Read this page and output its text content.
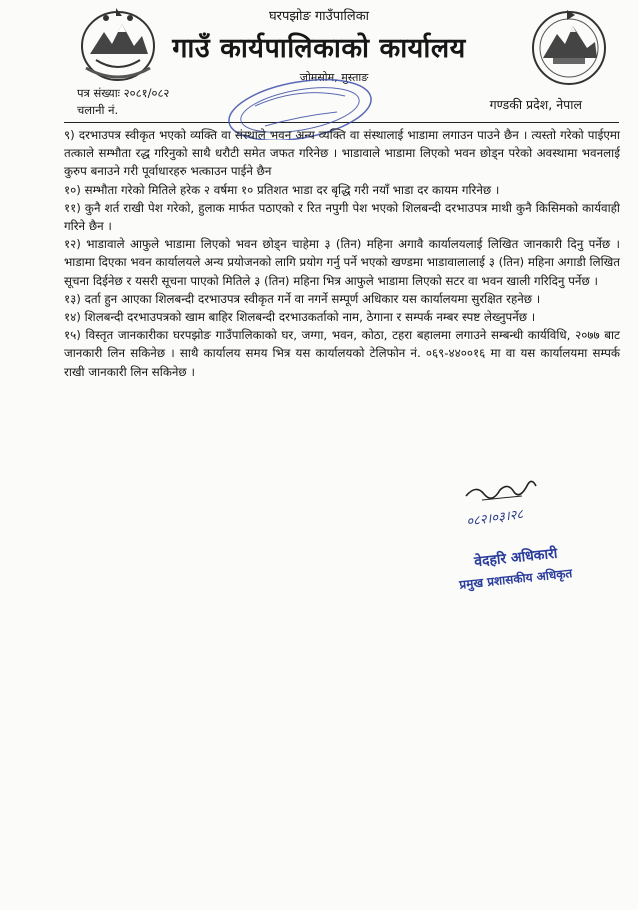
घरपझोङ गाउँपालिका
गाउँ कार्यपालिकाको कार्यालय
जोमसोम, मुस्ताङ
पत्र संख्याः २०८१/०८२
चलानी नं.	गण्डकी प्रदेश, नेपाल

९) दरभाउपत्र स्वीकृत भएको व्यक्ति वा संस्थाले भवन अन्य व्यक्ति वा संस्थालाई भाडामा लगाउन पाउने छैन । त्यस्तो गरेको पाईएमा तत्काले सम्भौता रद्ध गरिनुको साथै धरौटी समेत जफत गरिनेछ । भाडावाले भाडामा लिएको भवन छोड्न परेको अवस्थामा भवनलाई कुरुप बनाउने गरी पूर्वाधारहरु भत्काउन पाईने छैन

१०) सम्भौता गरेको मितिले हरेक २ वर्षमा १० प्रतिशत भाडा दर बृद्धि गरी नयाँ भाडा दर कायम गरिनेछ ।

११) कुनै शर्त राखी पेश गरेको, हुलाक मार्फत पठाएको र रित नपुगी पेश भएको शिलबन्दी दरभाउपत्र माथी कुनै किसिमको कार्यवाही गरिने छैन ।

१२) भाडावाले आफुले भाडामा लिएको भवन छोड्न चाहेमा ३ (तिन) महिना अगावै कार्यालयलाई लिखित जानकारी दिनु पर्नेछ । भाडामा दिएका भवन कार्यालयले अन्य प्रयोजनको लागि प्रयोग गर्नु पर्ने भएको खण्डमा भाडावालालाई ३ (तिन) महिना अगाडी लिखित सूचना दिईनेछ र यसरी सूचना पाएको मितिले ३ (तिन) महिना भित्र आफुले भाडामा लिएको सटर वा भवन खाली गरिदिनु पर्नेछ ।

१३) दर्ता हुन आएका शिलबन्दी दरभाउपत्र स्वीकृत गर्ने वा नगर्ने सम्पूर्ण अधिकार यस कार्यालयमा सुरक्षित रहनेछ ।

१४) शिलबन्दी दरभाउपत्रको खाम बाहिर शिलबन्दी दरभाउकर्ताको नाम, ठेगाना र सम्पर्क नम्बर स्पष्ट लेख्नुपर्नेछ ।

१५) विस्तृत जानकारीका घरपझोङ गाउँपालिकाको घर, जग्गा, भवन, कोठा, टहरा बहालमा लगाउने सम्बन्धी कार्यविधि, २०७७ बाट जानकारी लिन सकिनेछ । साथै कार्यालय समय भित्र यस कार्यालयको टेलिफोन नं. ०६९-४४००१६ मा वा यस कार्यालयमा सम्पर्क राखी जानकारी लिन सकिनेछ ।

०८२।०३।२८
वेदहरि अधिकारी
प्रमुख प्रशासकीय अधिकृत
